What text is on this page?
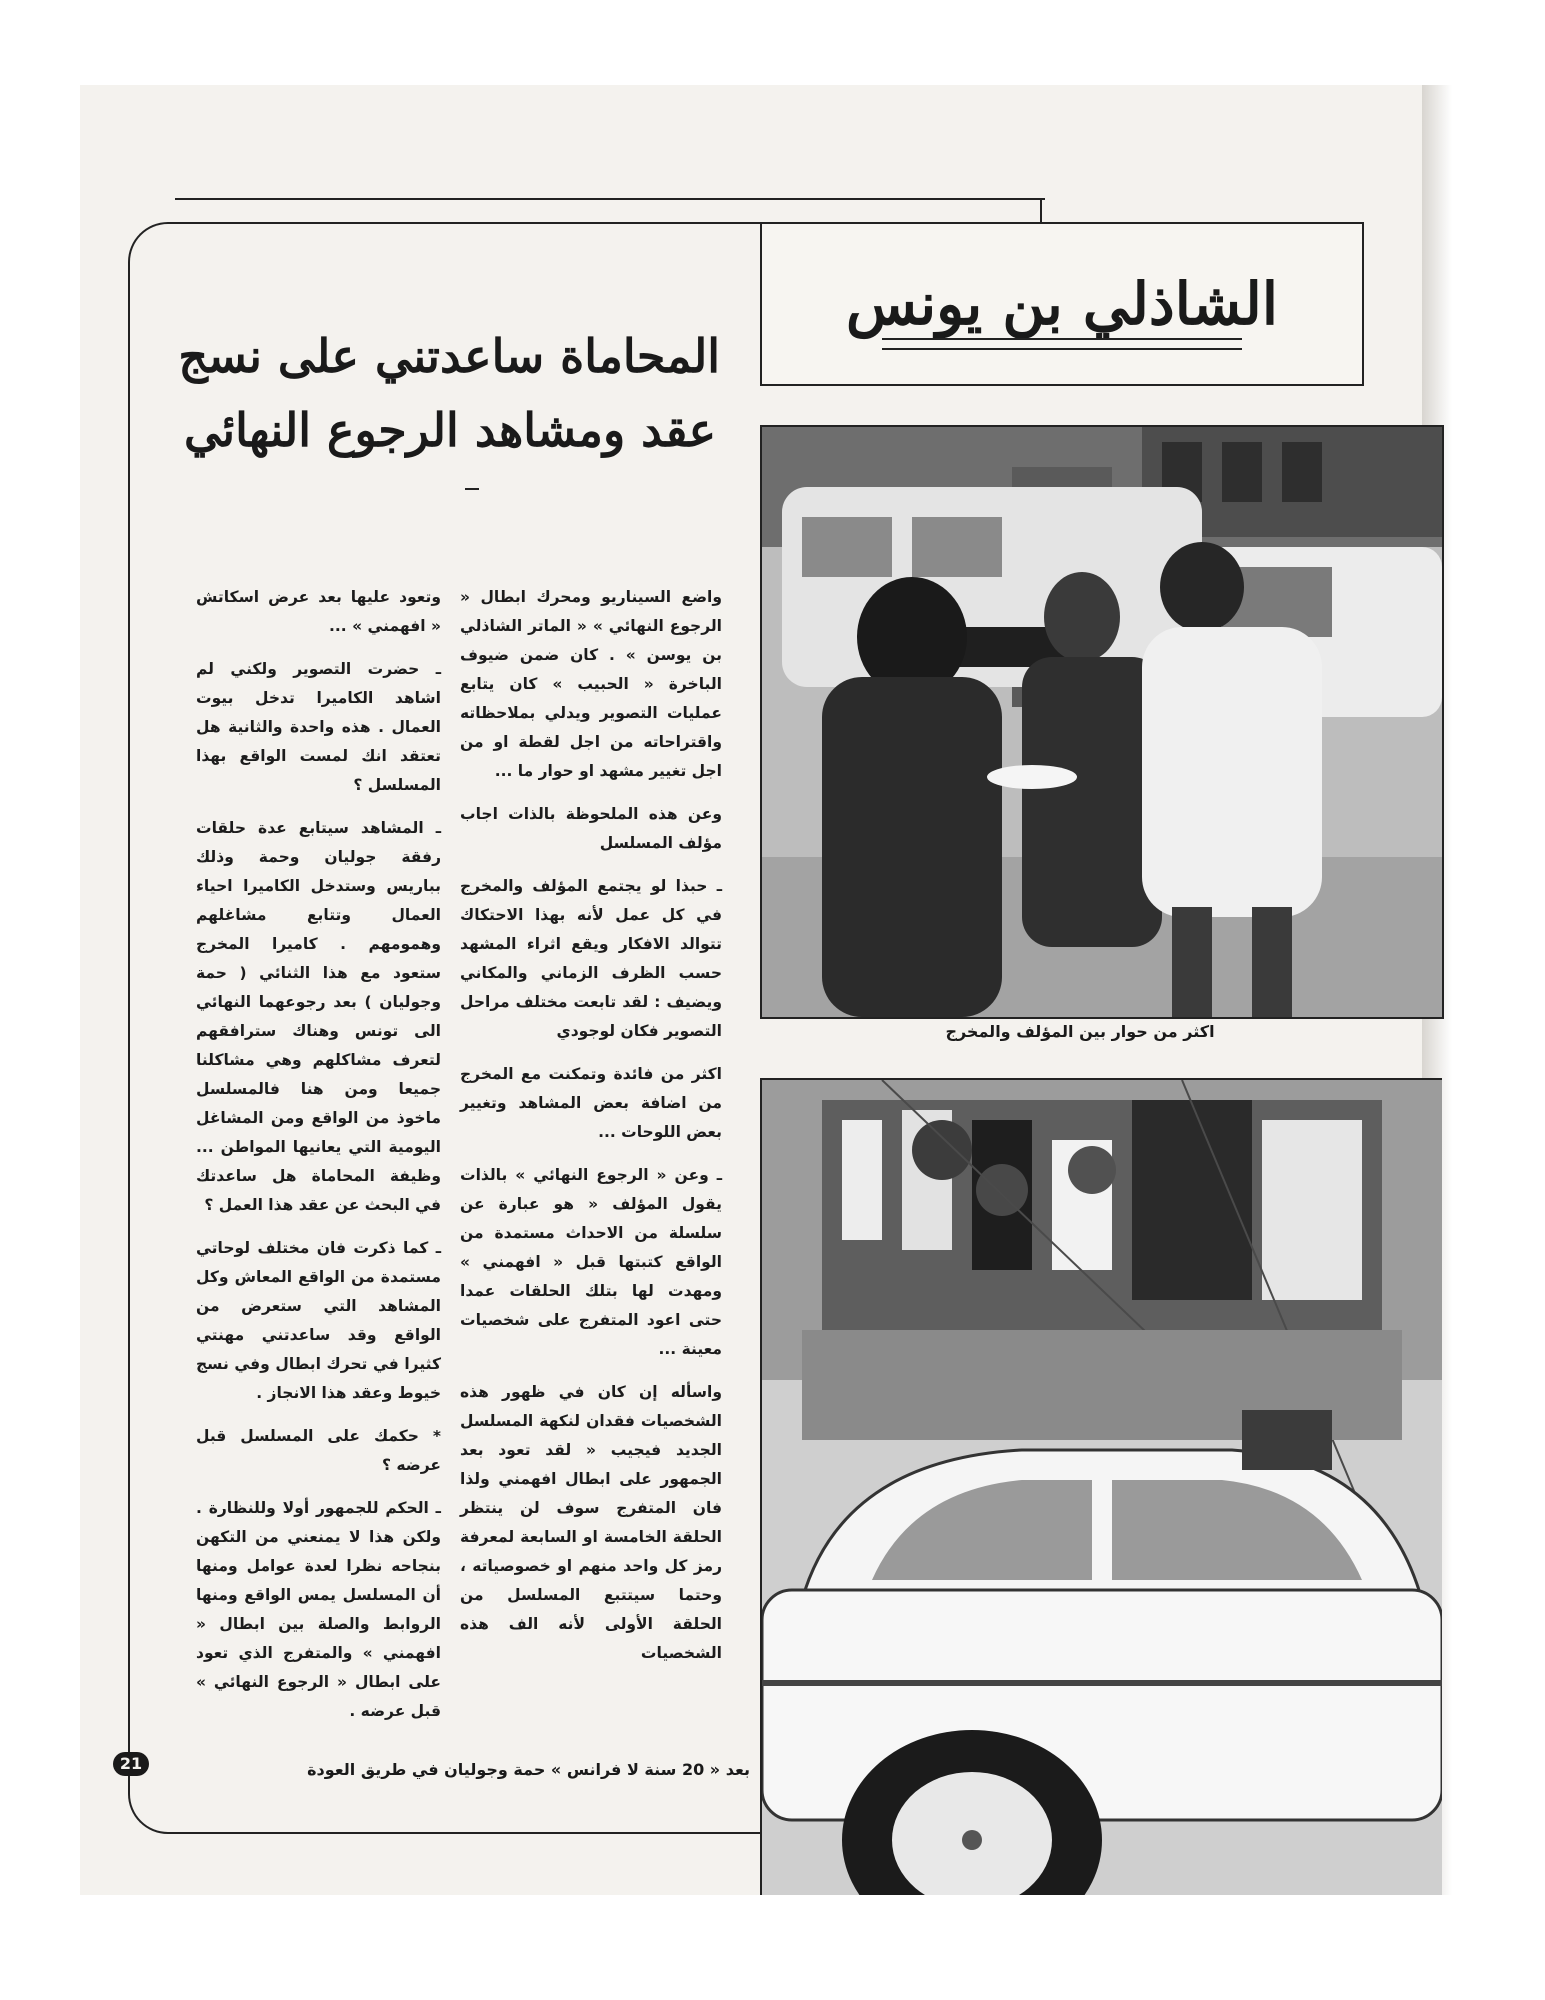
الشاذلي بن يونس
المحاماة ساعدتني على نسج
عقد ومشاهد الرجوع النهائي

واضع السيناريو ومحرك ابطال « الرجوع النهائي » « الماتر الشاذلي بن يوسن » . كان ضمن ضيوف الباخرة « الحبيب » كان يتابع عمليات التصوير ويدلي بملاحظاته واقتراحاته من اجل لقطة او من اجل تغيير مشهد او حوار ما ...

وعن هذه الملحوظة بالذات اجاب مؤلف المسلسل

ـ حبذا لو يجتمع المؤلف والمخرج في كل عمل لأنه بهذا الاحتكاك تتوالد الافكار ويقع اثراء المشهد حسب الظرف الزماني والمكاني ويضيف : لقد تابعت مختلف مراحل التصوير فكان لوجودي

اكثر من فائدة وتمكنت مع المخرج من اضافة بعض المشاهد وتغيير بعض اللوحات ...

ـ وعن « الرجوع النهائي » بالذات يقول المؤلف « هو عبارة عن سلسلة من الاحداث مستمدة من الواقع كتبتها قبل « افهمني » ومهدت لها بتلك الحلقات عمدا حتى اعود المتفرج على شخصيات معينة ...

واسأله إن كان في ظهور هذه الشخصيات فقدان لنكهة المسلسل الجديد فيجيب « لقد تعود بعد الجمهور على ابطال افهمني ولذا فان المتفرج سوف لن ينتظر الحلقة الخامسة او السابعة لمعرفة رمز كل واحد منهم او خصوصياته ، وحتما سيتتبع المسلسل من الحلقة الأولى لأنه الف هذه الشخصيات

وتعود عليها بعد عرض اسكاتش « افهمني » ...

ـ حضرت التصوير ولكني لم اشاهد الكاميرا تدخل بيوت العمال . هذه واحدة والثانية هل تعتقد انك لمست الواقع بهذا المسلسل ؟

ـ المشاهد سيتابع عدة حلقات رفقة جوليان وحمة وذلك بباريس وستدخل الكاميرا احياء العمال وتتابع مشاغلهم وهمومهم . كاميرا المخرج ستعود مع هذا الثنائي ( حمة وجوليان ) بعد رجوعهما النهائي الى تونس وهناك سترافقهم لتعرف مشاكلهم وهي مشاكلنا جميعا ومن هنا فالمسلسل ماخوذ من الواقع ومن المشاغل اليومية التي يعانيها المواطن ... وظيفة المحاماة هل ساعدتك في البحث عن عقد هذا العمل ؟

ـ كما ذكرت فان مختلف لوحاتي مستمدة من الواقع المعاش وكل المشاهد التي ستعرض من الواقع وقد ساعدتني مهنتي كثيرا في تحرك ابطال وفي نسج خيوط وعقد هذا الانجاز .

* حكمك على المسلسل قبل عرضه ؟

ـ الحكم للجمهور أولا وللنظارة . ولكن هذا لا يمنعني من التكهن بنجاحه نظرا لعدة عوامل ومنها أن المسلسل يمس الواقع ومنها الروابط والصلة بين ابطال « افهمني » والمتفرج الذي تعود على ابطال « الرجوع النهائي » قبل عرضه .

اكثر من حوار بين المؤلف والمخرج
بعد « 20 سنة لا فرانس » حمة وجوليان في طريق العودة
21
